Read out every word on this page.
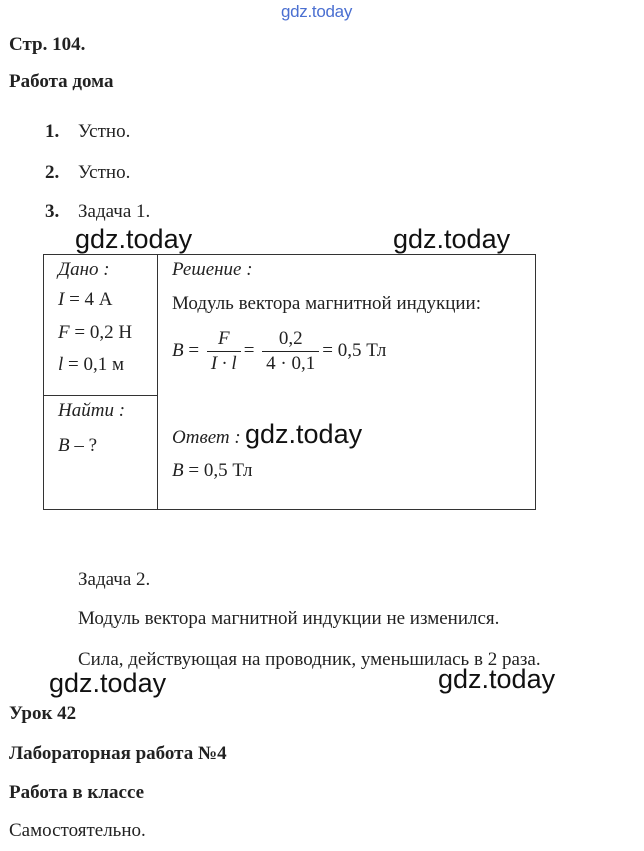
gdz.today
gdz.today	gdz.today
gdz.today
gdz.today	gdz.today
Стр. 104.
Работа дома
1. Устно.
2. Устно.
3. Задача 1.
Дано :
I = 4 А
F = 0,2 Н
l = 0,1 м
Найти :
B – ?
Решение :
Модуль вектора магнитной индукции:
$B = \frac{F}{I \cdot l} = \frac{0,2}{4 \cdot 0,1} = 0,5$ Тл
Ответ :
B = 0,5 Тл
Задача 2.
Модуль вектора магнитной индукции не изменился.
Сила, действующая на проводник, уменьшилась в 2 раза.
Урок 42
Лабораторная работа №4
Работа в классе
Самостоятельно.
